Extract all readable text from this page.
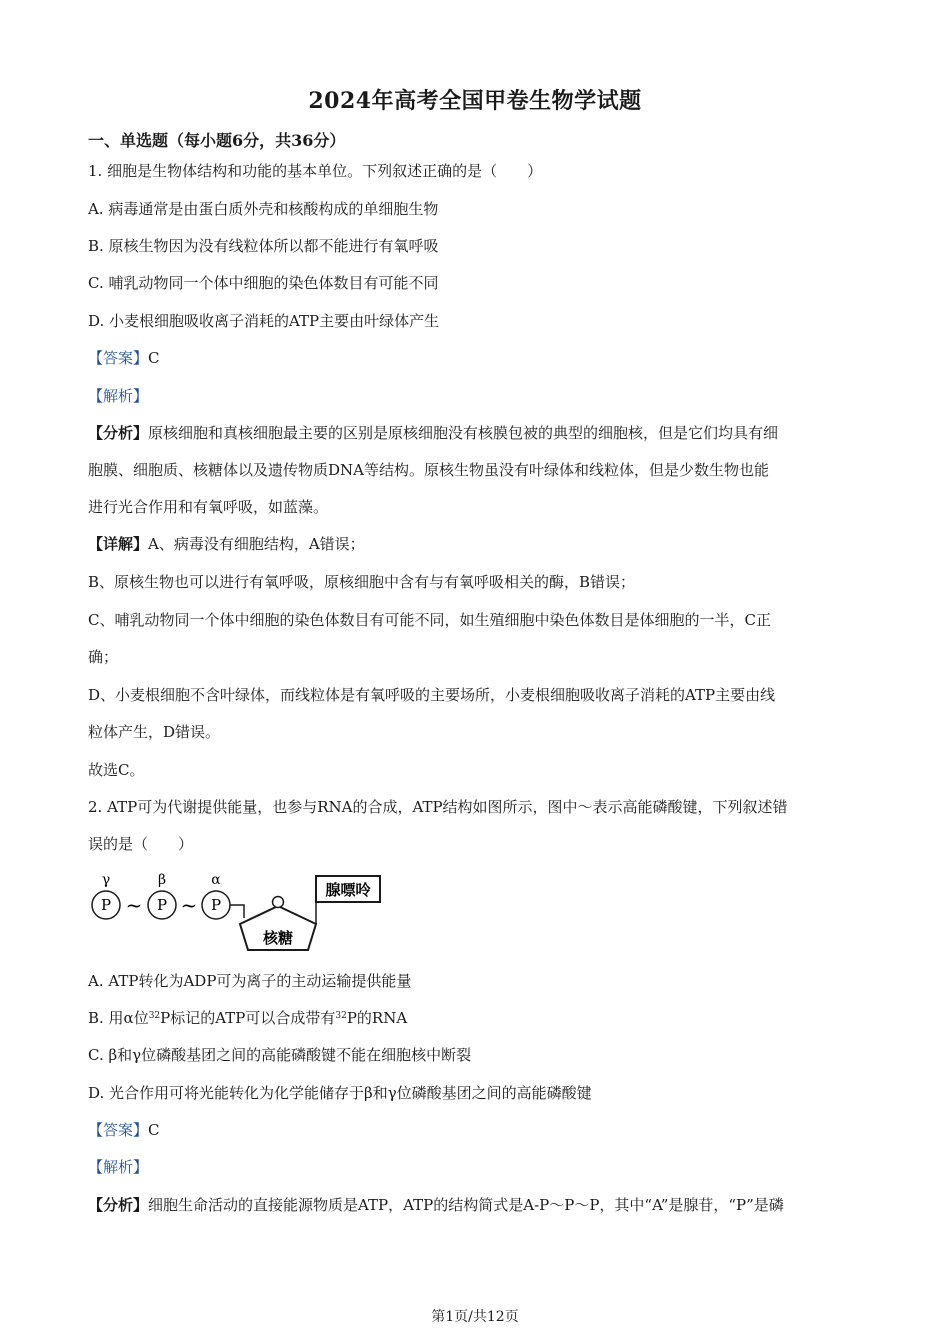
2024年高考全国甲卷生物学试题
一、单选题（每小题6分，共36分）
1. 细胞是生物体结构和功能的基本单位。下列叙述正确的是（　　）
A. 病毒通常是由蛋白质外壳和核酸构成的单细胞生物
B. 原核生物因为没有线粒体所以都不能进行有氧呼吸
C. 哺乳动物同一个体中细胞的染色体数目有可能不同
D. 小麦根细胞吸收离子消耗的ATP主要由叶绿体产生
【答案】C
【解析】
【分析】原核细胞和真核细胞最主要的区别是原核细胞没有核膜包被的典型的细胞核，但是它们均具有细
胞膜、细胞质、核糖体以及遗传物质DNA等结构。原核生物虽没有叶绿体和线粒体，但是少数生物也能
进行光合作用和有氧呼吸，如蓝藻。
【详解】A、病毒没有细胞结构，A错误；
B、原核生物也可以进行有氧呼吸，原核细胞中含有与有氧呼吸相关的酶，B错误；
C、哺乳动物同一个体中细胞的染色体数目有可能不同，如生殖细胞中染色体数目是体细胞的一半，C正
确；
D、小麦根细胞不含叶绿体，而线粒体是有氧呼吸的主要场所，小麦根细胞吸收离子消耗的ATP主要由线
粒体产生，D错误。
故选C。
2. ATP可为代谢提供能量，也参与RNA的合成，ATP结构如图所示，图中～表示高能磷酸键，下列叙述错
误的是（　　）
γ	β	α
P	P	P
~ ~
核糖
腺嘌呤
A. ATP转化为ADP可为离子的主动运输提供能量
B. 用α位$^{32}$P标记的ATP可以合成带有$^{32}$P的RNA
C. β和γ位磷酸基团之间的高能磷酸键不能在细胞核中断裂
D. 光合作用可将光能转化为化学能储存于β和γ位磷酸基团之间的高能磷酸键
【答案】C
【解析】
【分析】细胞生命活动的直接能源物质是ATP，ATP的结构简式是A-P～P～P，其中“A”是腺苷，“P”是磷
第1页/共12页
